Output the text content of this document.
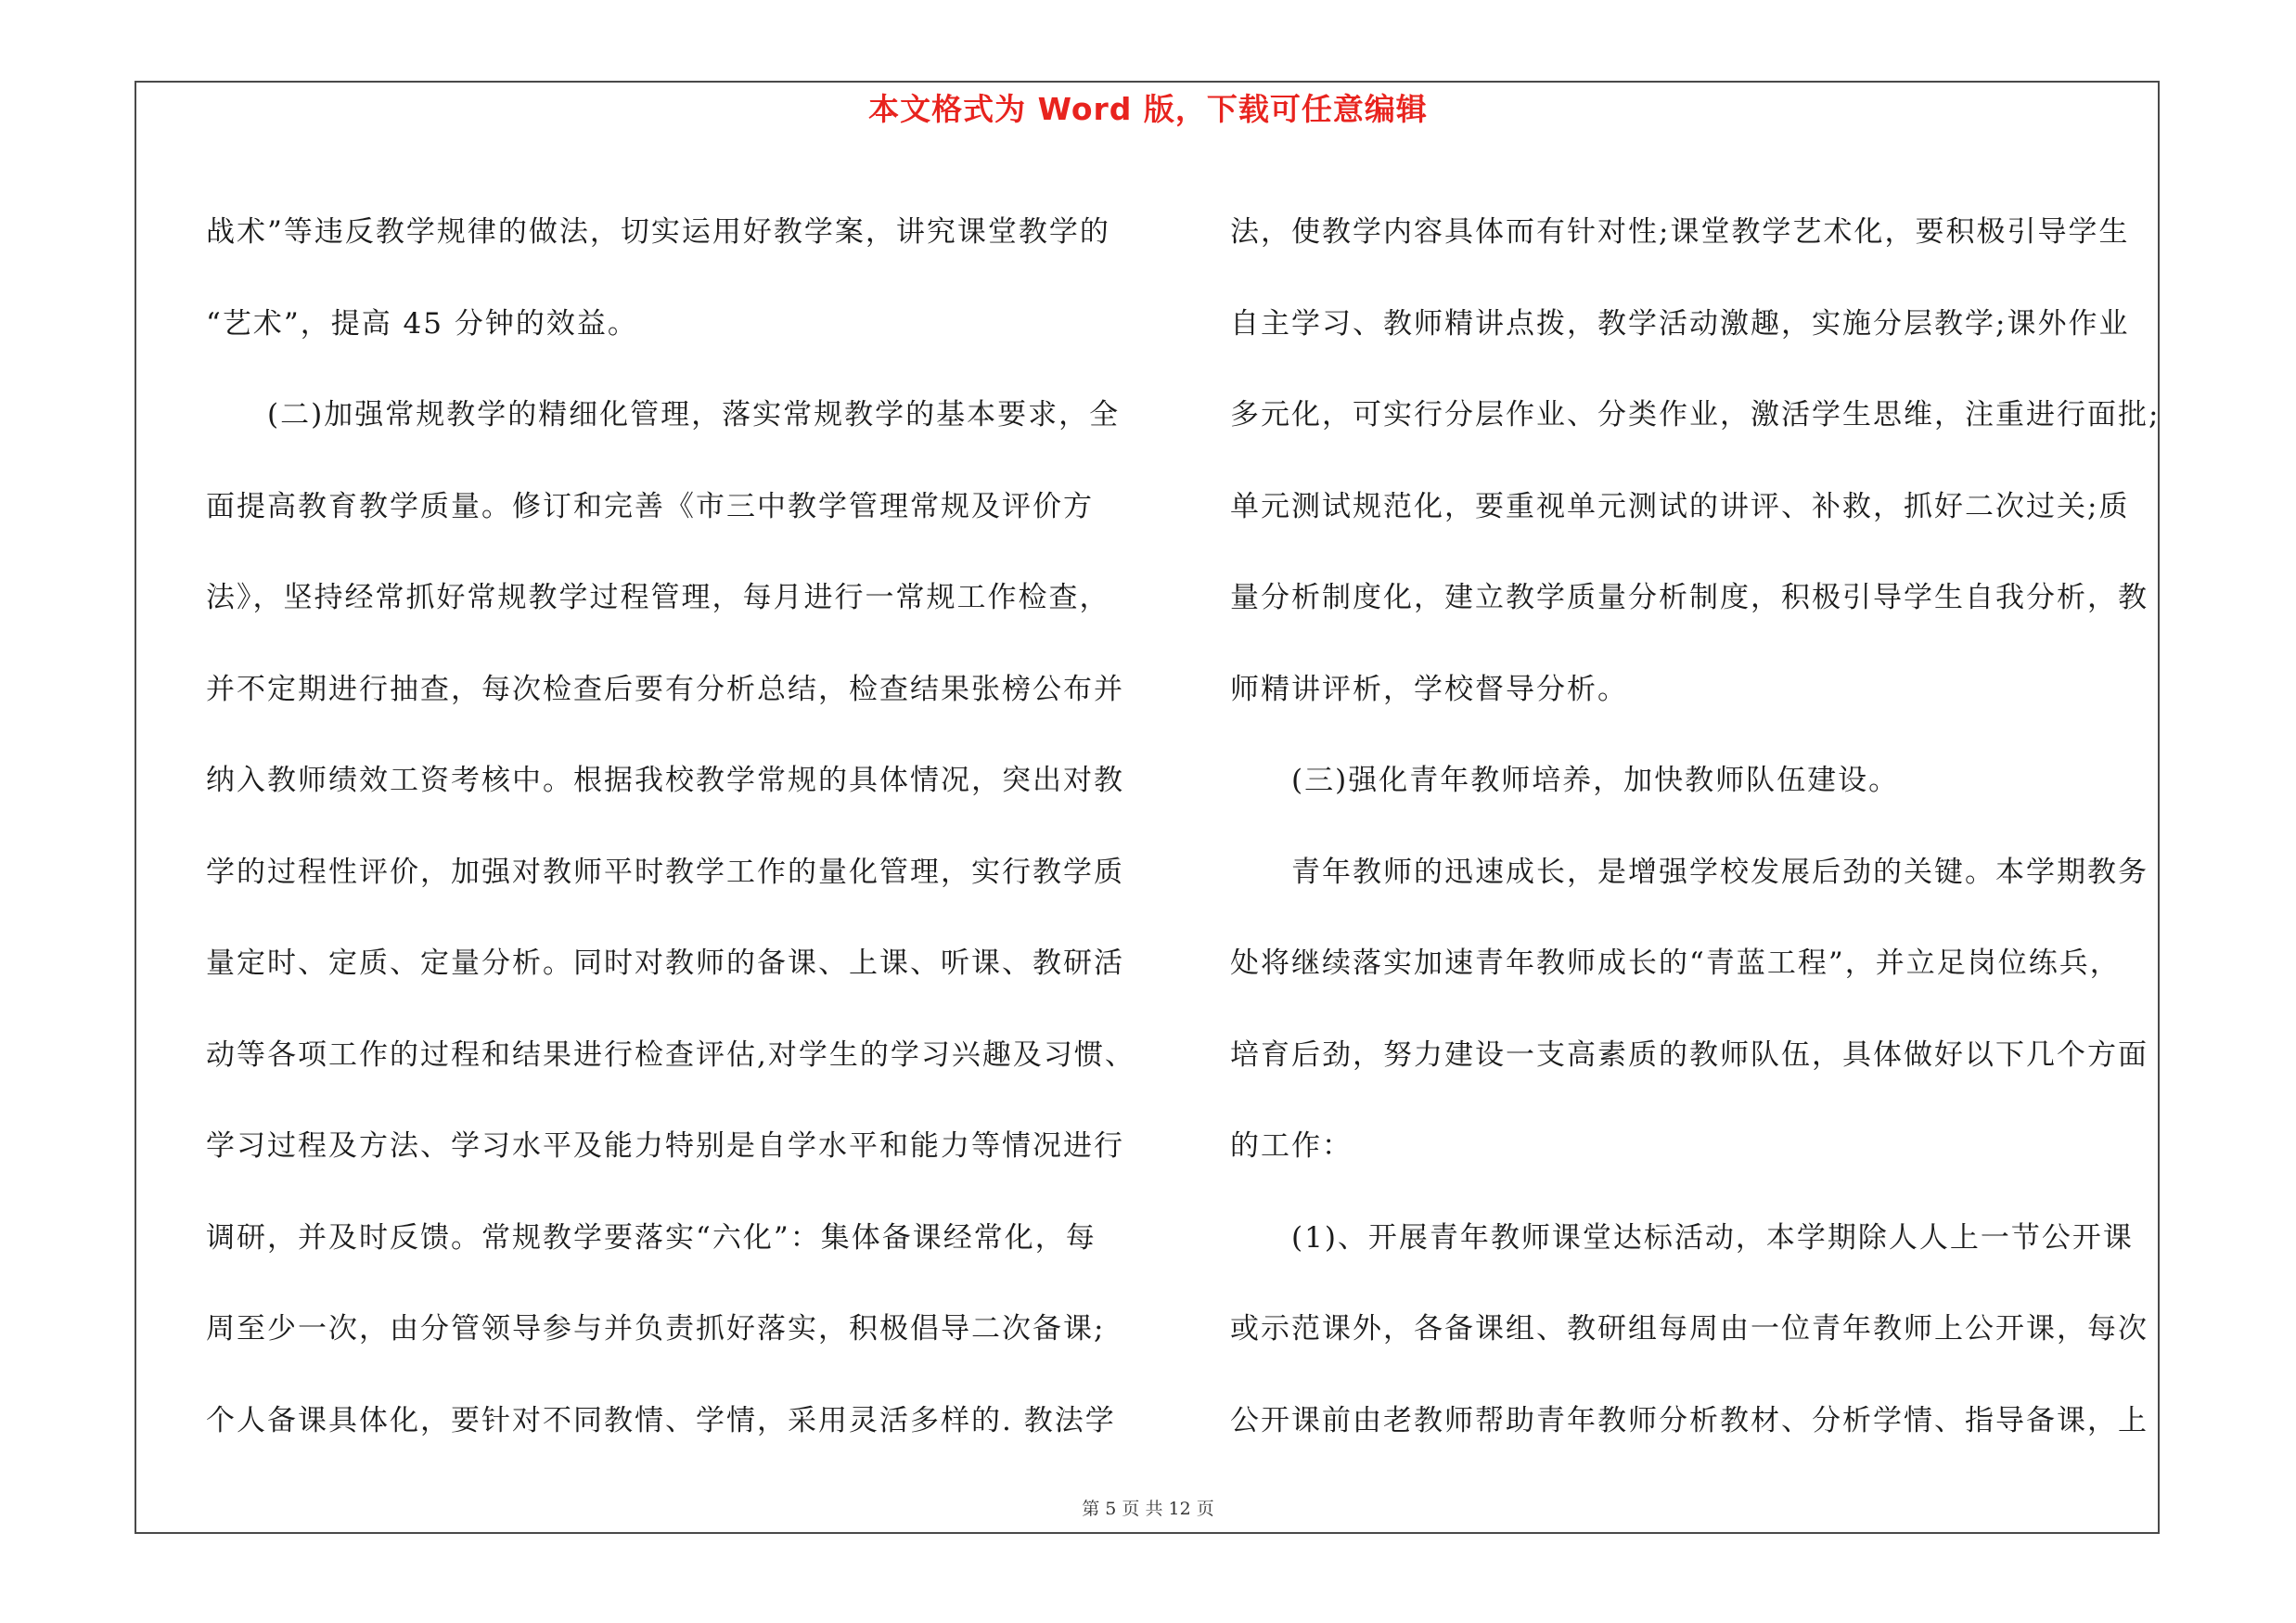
本文格式为 Word 版，下载可任意编辑
战术”等违反教学规律的做法，切实运用好教学案，讲究课堂教学的
“艺术”，提高 45 分钟的效益。
　　(二)加强常规教学的精细化管理，落实常规教学的基本要求，全
面提高教育教学质量。修订和完善《市三中教学管理常规及评价方
法》，坚持经常抓好常规教学过程管理，每月进行一常规工作检查，
并不定期进行抽查，每次检查后要有分析总结，检查结果张榜公布并
纳入教师绩效工资考核中。根据我校教学常规的具体情况，突出对教
学的过程性评价，加强对教师平时教学工作的量化管理，实行教学质
量定时、定质、定量分析。同时对教师的备课、上课、听课、教研活
动等各项工作的过程和结果进行检查评估,对学生的学习兴趣及习惯、
学习过程及方法、学习水平及能力特别是自学水平和能力等情况进行
调研，并及时反馈。常规教学要落实“六化”：集体备课经常化，每
周至少一次，由分管领导参与并负责抓好落实，积极倡导二次备课;
个人备课具体化，要针对不同教情、学情，采用灵活多样的. 教法学
法，使教学内容具体而有针对性;课堂教学艺术化，要积极引导学生
自主学习、教师精讲点拨，教学活动激趣，实施分层教学;课外作业
多元化，可实行分层作业、分类作业，激活学生思维，注重进行面批;
单元测试规范化，要重视单元测试的讲评、补救，抓好二次过关;质
量分析制度化，建立教学质量分析制度，积极引导学生自我分析，教
师精讲评析，学校督导分析。
　　(三)强化青年教师培养，加快教师队伍建设。
　　青年教师的迅速成长，是增强学校发展后劲的关键。本学期教务
处将继续落实加速青年教师成长的“青蓝工程”，并立足岗位练兵，
培育后劲，努力建设一支高素质的教师队伍，具体做好以下几个方面
的工作：
　　(1)、开展青年教师课堂达标活动，本学期除人人上一节公开课
或示范课外，各备课组、教研组每周由一位青年教师上公开课，每次
公开课前由老教师帮助青年教师分析教材、分析学情、指导备课，上
第 5 页 共 12 页
